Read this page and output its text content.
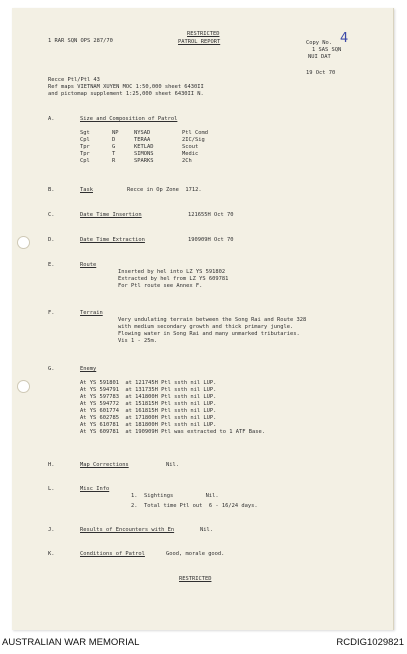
1 RAR SQN OPS 287/70
RESTRICTED
PATROL REPORT	Copy No. 4
1 SAS SQN
NUI DAT
19 Oct 70
Recce Ptl/Ptl 43
Ref maps VIETNAM XUYEN MOC 1:50,000 sheet 6430II
and pictomap supplement 1:25,000 sheet 6430II N.
A.	Size and Composition of Patrol
Sgt	NP	NYSAD	Ptl Comd
Cpl	D	TERAA	2IC/Sig
Tpr	G	KETLAD	Scout
Tpr	T	SIMONS	Medic
Cpl	R	SPARKS	2Ch
B.	Task	Recce in Op Zone  1712.
C.	Date Time Insertion	121655H Oct 70
D.	Date Time Extraction	190909H Oct 70
E.	Route
Inserted by hel into LZ YS 591802
Extracted by hel from LZ YS 609781
For Ptl route see Annex F.
F.	Terrain
Very undulating terrain between the Song Rai and Route 328
with medium secondary growth and thick primary jungle.
Flowing water in Song Rai and many unmarked tributaries.
Vis 1 - 25m.
G.	Enemy
At YS 591801  at 121745H Ptl ssth nil LUP.
At YS 594791  at 131735H Ptl ssth nil LUP.
At YS 597783  at 141800H Ptl ssth nil LUP.
At YS 594772  at 151815H Ptl ssth nil LUP.
At YS 601774  at 161815H Ptl ssth nil LUP.
At YS 602785  at 171800H Ptl ssth nil LUP.
At YS 610781  at 181800H Ptl ssth nil LUP.
At YS 609781  at 190909H Ptl was extracted to 1 ATF Base.
H.	Map Corrections	Nil.
L.	Misc Info
1.  Sightings          Nil.
2.  Total time Ptl out  6 - 16/24 days.
J.	Results of Encounters with En	Nil.
K.	Conditions of Patrol	Good, morale good.
RESTRICTED
AUSTRALIAN WAR MEMORIAL	RCDIG1029821
